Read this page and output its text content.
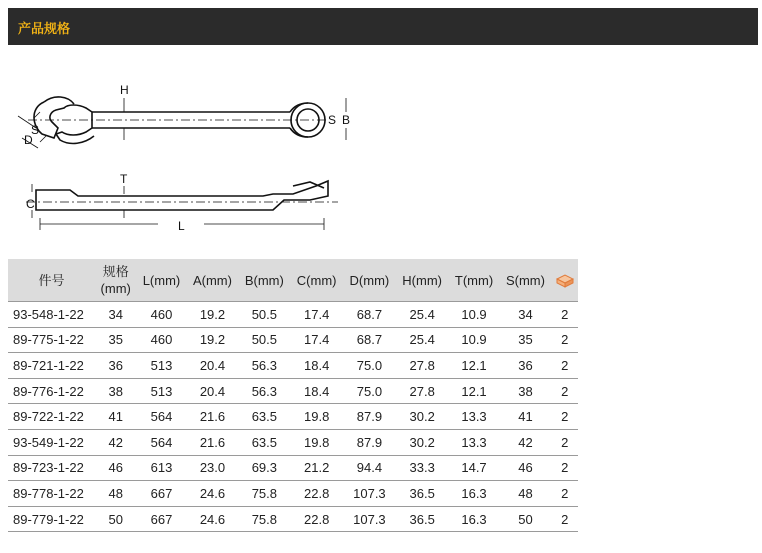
产品规格
H
S
D
S B
T
C
L
件号	规格
(mm)	L(mm)	A(mm)	B(mm)	C(mm)	D(mm)	H(mm)	T(mm)	S(mm)	
93-548-1-22	34	460	19.2	50.5	17.4	68.7	25.4	10.9	34	2
89-775-1-22	35	460	19.2	50.5	17.4	68.7	25.4	10.9	35	2
89-721-1-22	36	513	20.4	56.3	18.4	75.0	27.8	12.1	36	2
89-776-1-22	38	513	20.4	56.3	18.4	75.0	27.8	12.1	38	2
89-722-1-22	41	564	21.6	63.5	19.8	87.9	30.2	13.3	41	2
93-549-1-22	42	564	21.6	63.5	19.8	87.9	30.2	13.3	42	2
89-723-1-22	46	613	23.0	69.3	21.2	94.4	33.3	14.7	46	2
89-778-1-22	48	667	24.6	75.8	22.8	107.3	36.5	16.3	48	2
89-779-1-22	50	667	24.6	75.8	22.8	107.3	36.5	16.3	50	2
